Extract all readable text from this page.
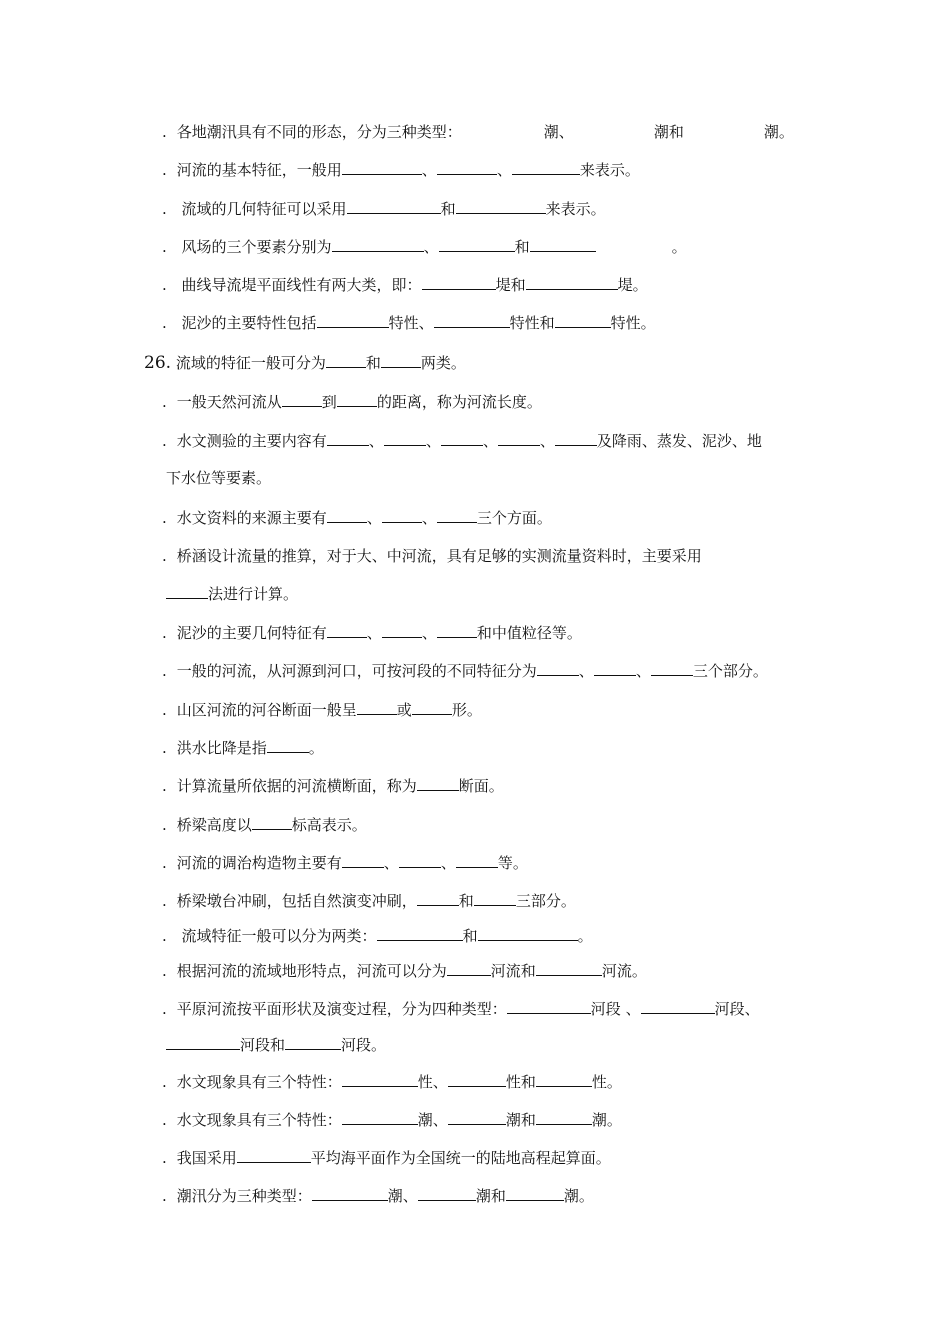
. 各地潮汛具有不同的形态，分为三种类型：	潮、	潮和	潮。
. 河流的基本特征，一般用	、	、	来表示。
. 流域的几何特征可以采用	和	来表示。
. 风场的三个要素分别为	、	和	。
. 曲线导流堤平面线性有两大类，即：	堤和	堤。
. 泥沙的主要特性包括	特性、	特性和	特性。
26. 流域的特征一般可分为	和	两类。
. 一般天然河流从	到	的距离，称为河流长度。
. 水文测验的主要内容有	、	、	、	、	及降雨、蒸发、泥沙、地
下水位等要素。
. 水文资料的来源主要有	、	、	三个方面。
. 桥涵设计流量的推算，对于大、中河流，具有足够的实测流量资料时，主要采用
法进行计算。
. 泥沙的主要几何特征有	、	、	和中值粒径等。
. 一般的河流，从河源到河口，可按河段的不同特征分为	、	、	三个部分。
. 山区河流的河谷断面一般呈	或	形。
. 洪水比降是指	。
. 计算流量所依据的河流横断面，称为	断面。
. 桥梁高度以	标高表示。
. 河流的调治构造物主要有	、	、	等。
. 桥梁墩台冲刷，包括自然演变冲刷，	和	三部分。
. 流域特征一般可以分为两类：	和	。
. 根据河流的流域地形特点，河流可以分为	河流和	河流。
. 平原河流按平面形状及演变过程，分为四种类型：	河段 、	河段、
河段和	河段。
. 水文现象具有三个特性：	性、	性和	性。
. 水文现象具有三个特性：	潮、	潮和	潮。
. 我国采用	平均海平面作为全国统一的陆地高程起算面。
. 潮汛分为三种类型：	潮、	潮和	潮。
